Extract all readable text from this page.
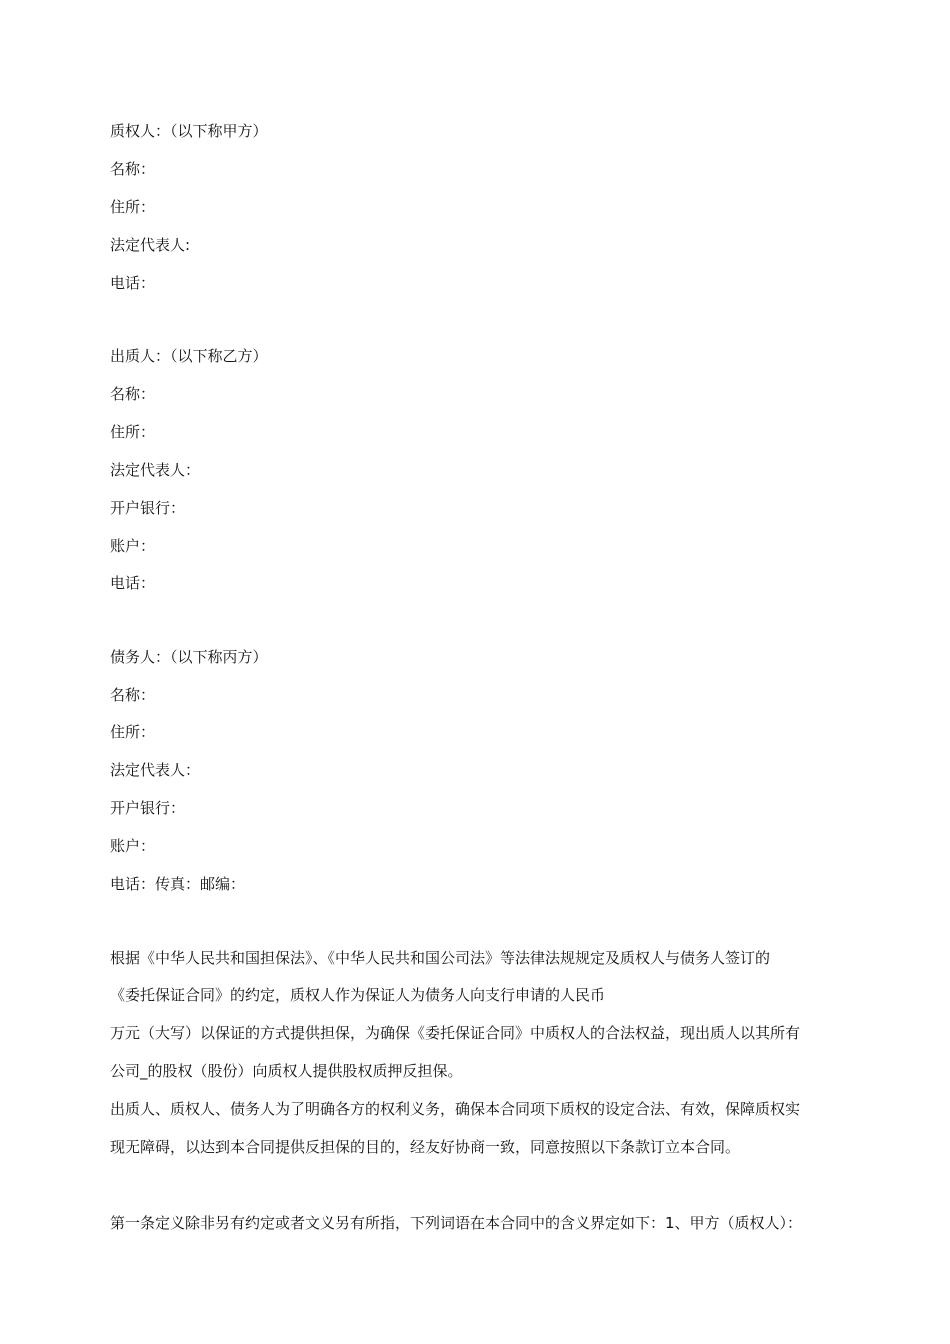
质权人：（以下称甲方）
名称：
住所：
法定代表人:
电话：
出质人：（以下称乙方）
名称：
住所：
法定代表人：
开户银行：
账户：
电话：
债务人：（以下称丙方）
名称：
住所：
法定代表人：
开户银行：
账户：
电话：传真：邮编：
根据《中华人民共和国担保法》、《中华人民共和国公司法》等法律法规规定及质权人与债务人签订的
《委托保证合同》的约定，质权人作为保证人为债务人向支行申请的人民币
万元（大写）以保证的方式提供担保，为确保《委托保证合同》中质权人的合法权益，现出质人以其所有
公司_的股权（股份）向质权人提供股权质押反担保。
出质人、质权人、债务人为了明确各方的权利义务，确保本合同项下质权的设定合法、有效，保障质权实
现无障碍，以达到本合同提供反担保的目的，经友好协商一致，同意按照以下条款订立本合同。
第一条定义除非另有约定或者文义另有所指，下列词语在本合同中的含义界定如下：1、甲方（质权人）：
